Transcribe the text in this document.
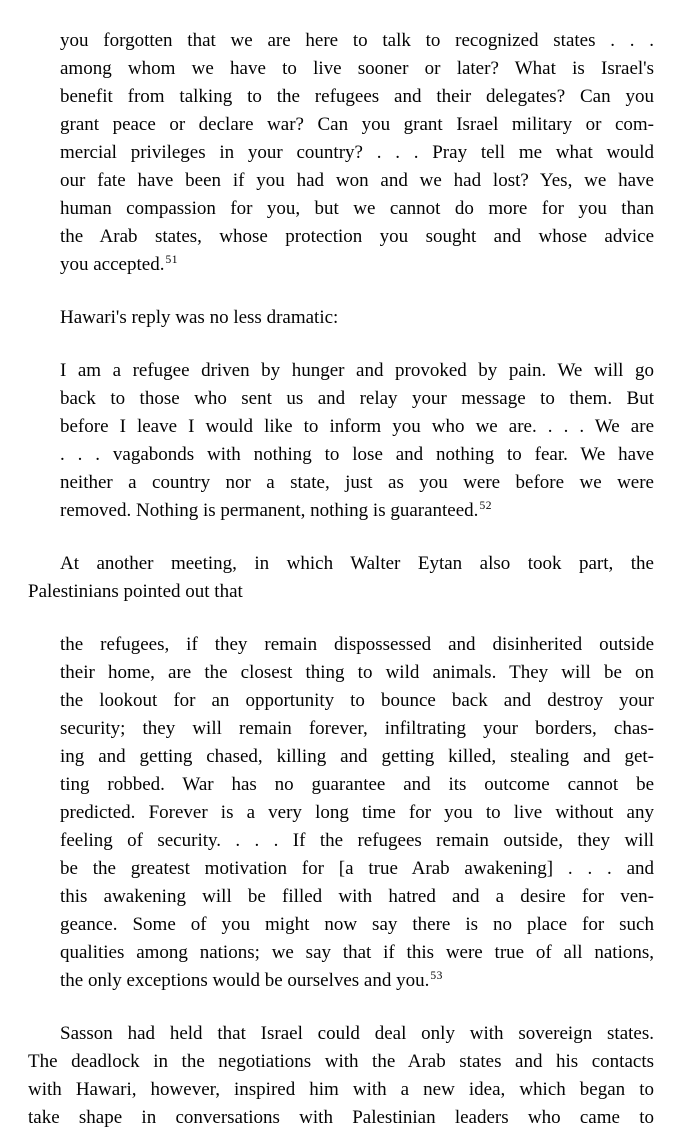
you forgotten that we are here to talk to recognized states . . .
among whom we have to live sooner or later? What is Israel's
benefit from talking to the refugees and their delegates? Can you
grant peace or declare war? Can you grant Israel military or com-
mercial privileges in your country? . . . Pray tell me what would
our fate have been if you had won and we had lost? Yes, we have
human compassion for you, but we cannot do more for you than
the Arab states, whose protection you sought and whose advice
you accepted.$^{51}$
Hawari's reply was no less dramatic:
I am a refugee driven by hunger and provoked by pain. We will go
back to those who sent us and relay your message to them. But
before I leave I would like to inform you who we are. . . . We are
. . . vagabonds with nothing to lose and nothing to fear. We have
neither a country nor a state, just as you were before we were
removed. Nothing is permanent, nothing is guaranteed.$^{52}$
At another meeting, in which Walter Eytan also took part, the
Palestinians pointed out that
the refugees, if they remain dispossessed and disinherited outside
their home, are the closest thing to wild animals. They will be on
the lookout for an opportunity to bounce back and destroy your
security; they will remain forever, infiltrating your borders, chas-
ing and getting chased, killing and getting killed, stealing and get-
ting robbed. War has no guarantee and its outcome cannot be
predicted. Forever is a very long time for you to live without any
feeling of security. . . . If the refugees remain outside, they will
be the greatest motivation for [a true Arab awakening] . . . and
this awakening will be filled with hatred and a desire for ven-
geance. Some of you might now say there is no place for such
qualities among nations; we say that if this were true of all nations,
the only exceptions would be ourselves and you.$^{53}$
Sasson had held that Israel could deal only with sovereign states.
The deadlock in the negotiations with the Arab states and his contacts
with Hawari, however, inspired him with a new idea, which began to
take shape in conversations with Palestinian leaders who came to
